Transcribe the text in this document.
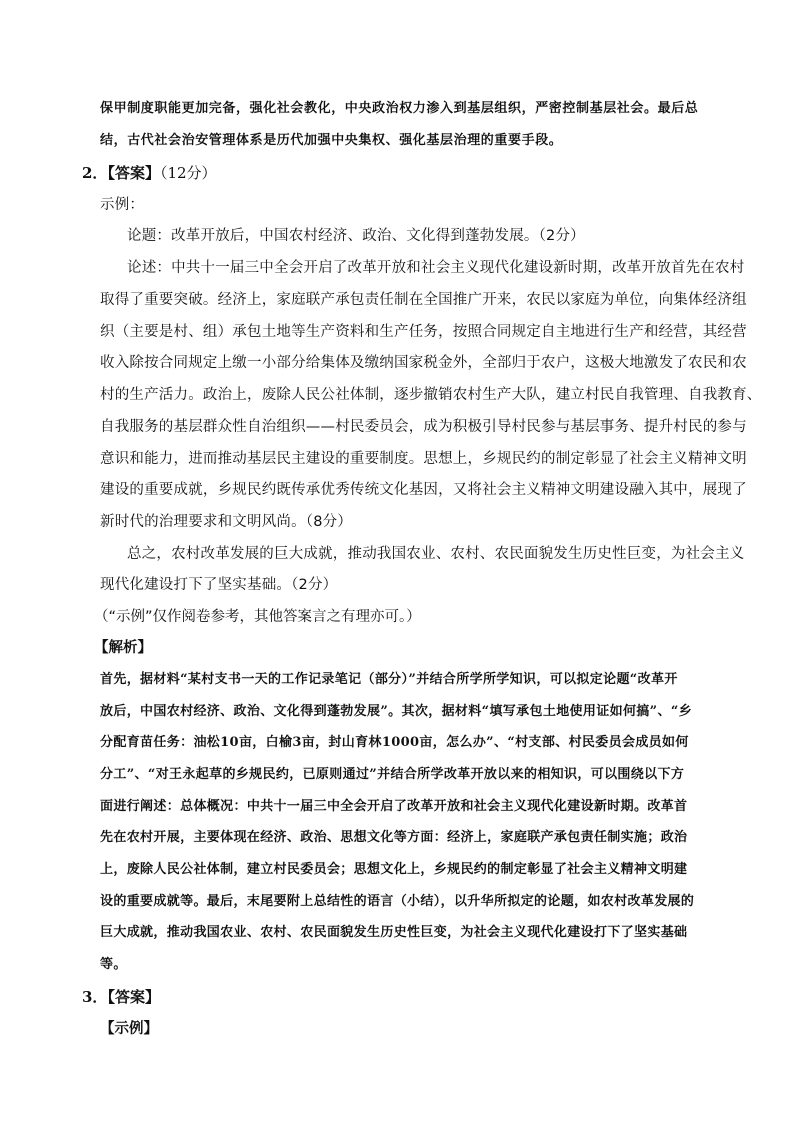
保甲制度职能更加完备，强化社会教化，中央政治权力渗入到基层组织，严密控制基层社会。最后总
结，古代社会治安管理体系是历代加强中央集权、强化基层治理的重要手段。
2．【答案】（12分）
示例：
论题：改革开放后，中国农村经济、政治、文化得到蓬勃发展。（2分）
论述：中共十一届三中全会开启了改革开放和社会主义现代化建设新时期，改革开放首先在农村
取得了重要突破。经济上，家庭联产承包责任制在全国推广开来，农民以家庭为单位，向集体经济组
织（主要是村、组）承包土地等生产资料和生产任务，按照合同规定自主地进行生产和经营，其经营
收入除按合同规定上缴一小部分给集体及缴纳国家税金外，全部归于农户，这极大地激发了农民和农
村的生产活力。政治上，废除人民公社体制，逐步撤销农村生产大队，建立村民自我管理、自我教育、
自我服务的基层群众性自治组织——村民委员会，成为积极引导村民参与基层事务、提升村民的参与
意识和能力，进而推动基层民主建设的重要制度。思想上，乡规民约的制定彰显了社会主义精神文明
建设的重要成就，乡规民约既传承优秀传统文化基因，又将社会主义精神文明建设融入其中，展现了
新时代的治理要求和文明风尚。（8分）
总之，农村改革发展的巨大成就，推动我国农业、农村、农民面貌发生历史性巨变，为社会主义
现代化建设打下了坚实基础。（2分）
（“示例”仅作阅卷参考，其他答案言之有理亦可。）
【解析】
首先，据材料“某村支书一天的工作记录笔记（部分）”并结合所学所学知识，可以拟定论题“改革开
放后，中国农村经济、政治、文化得到蓬勃发展”。其次，据材料“填写承包土地使用证如何搞”、“乡
分配育苗任务：油松10亩，白榆3亩，封山育林1000亩，怎么办”、“村支部、村民委员会成员如何
分工”、“对王永起草的乡规民约，已原则通过”并结合所学改革开放以来的相知识，可以围绕以下方
面进行阐述：总体概况：中共十一届三中全会开启了改革开放和社会主义现代化建设新时期。改革首
先在农村开展，主要体现在经济、政治、思想文化等方面：经济上，家庭联产承包责任制实施；政治
上，废除人民公社体制，建立村民委员会；思想文化上，乡规民约的制定彰显了社会主义精神文明建
设的重要成就等。最后，末尾要附上总结性的语言（小结），以升华所拟定的论题，如农村改革发展的
巨大成就，推动我国农业、农村、农民面貌发生历史性巨变，为社会主义现代化建设打下了坚实基础
等。
3．【答案】
【示例】
